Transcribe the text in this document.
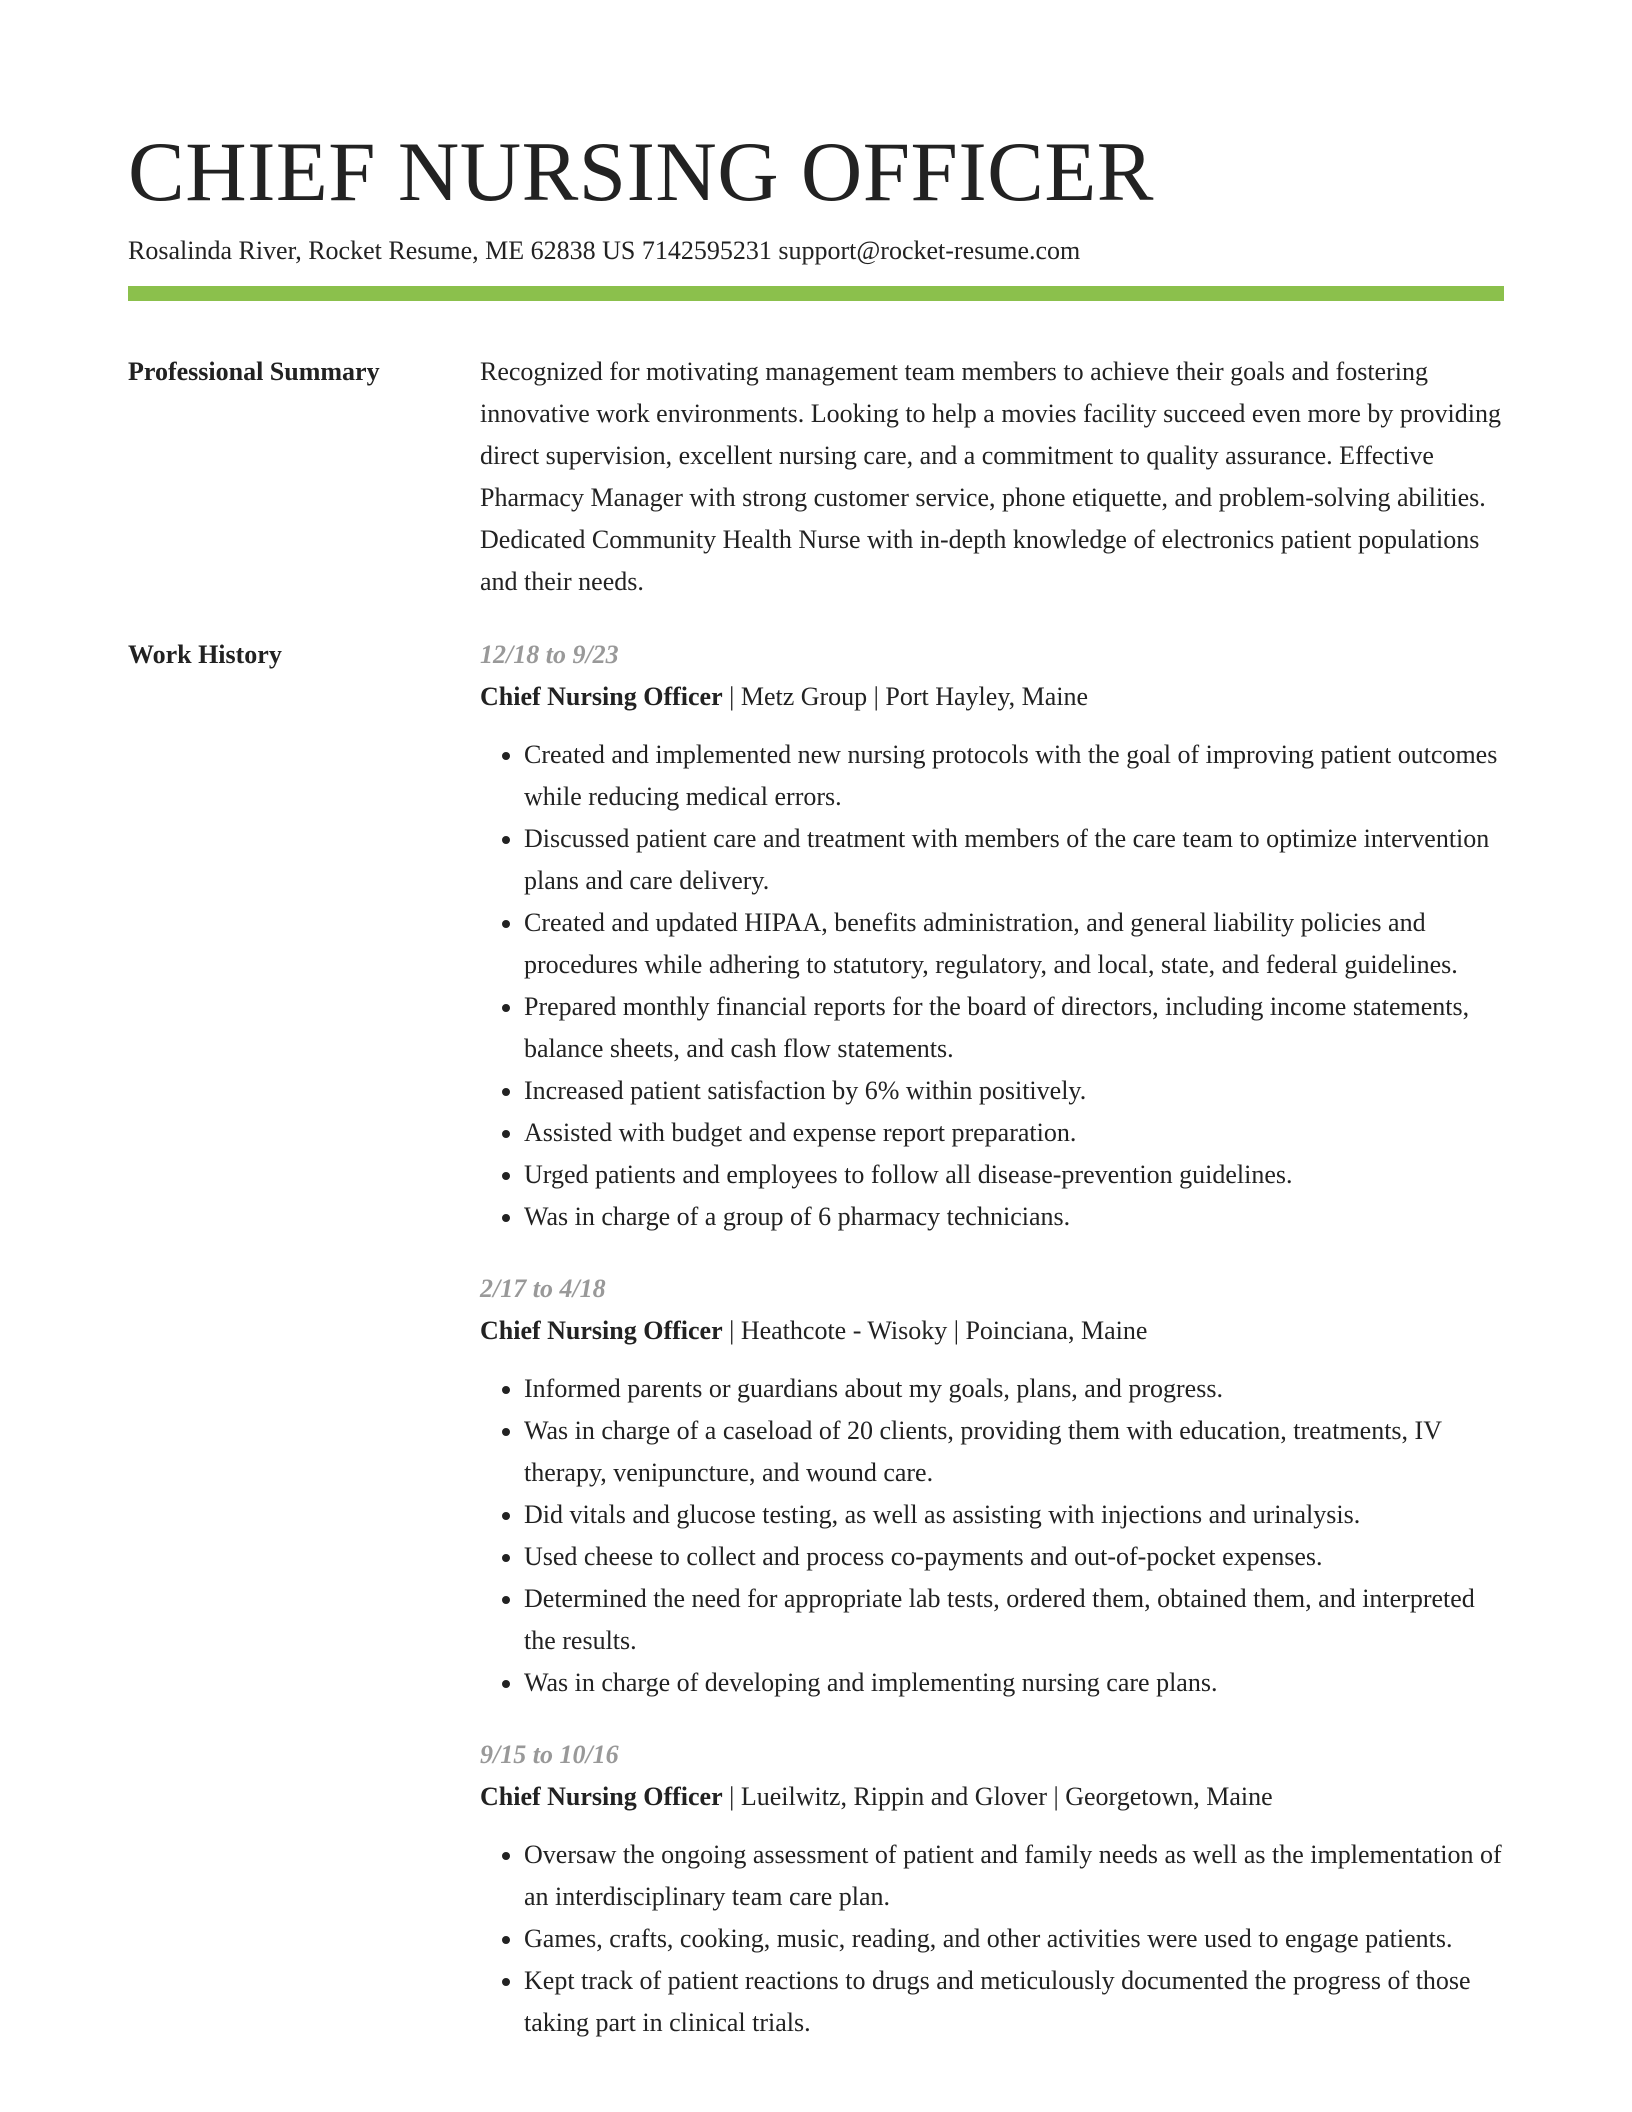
CHIEF NURSING OFFICER
Rosalinda River, Rocket Resume, ME 62838 US 7142595231 support@rocket-resume.com
Professional Summary	Recognized for motivating management team members to achieve their goals and fostering innovative work environments. Looking to help a movies facility succeed even more by providing direct supervision, excellent nursing care, and a commitment to quality assurance. Effective Pharmacy Manager with strong customer service, phone etiquette, and problem-solving abilities. Dedicated Community Health Nurse with in-depth knowledge of electronics patient populations and their needs.

Work History	12/18 to 9/23

Chief Nursing Officer | Metz Group | Port Hayley, Maine

• Created and implemented new nursing protocols with the goal of improving patient outcomes while reducing medical errors.
• Discussed patient care and treatment with members of the care team to optimize intervention plans and care delivery.
• Created and updated HIPAA, benefits administration, and general liability policies and procedures while adhering to statutory, regulatory, and local, state, and federal guidelines.
• Prepared monthly financial reports for the board of directors, including income statements, balance sheets, and cash flow statements.
• Increased patient satisfaction by 6% within positively.
• Assisted with budget and expense report preparation.
• Urged patients and employees to follow all disease-prevention guidelines.
• Was in charge of a group of 6 pharmacy technicians.

2/17 to 4/18

Chief Nursing Officer | Heathcote - Wisoky | Poinciana, Maine

• Informed parents or guardians about my goals, plans, and progress.
• Was in charge of a caseload of 20 clients, providing them with education, treatments, IV therapy, venipuncture, and wound care.
• Did vitals and glucose testing, as well as assisting with injections and urinalysis.
• Used cheese to collect and process co-payments and out-of-pocket expenses.
• Determined the need for appropriate lab tests, ordered them, obtained them, and interpreted the results.
• Was in charge of developing and implementing nursing care plans.

9/15 to 10/16

Chief Nursing Officer | Lueilwitz, Rippin and Glover | Georgetown, Maine

• Oversaw the ongoing assessment of patient and family needs as well as the implementation of an interdisciplinary team care plan.
• Games, crafts, cooking, music, reading, and other activities were used to engage patients.
• Kept track of patient reactions to drugs and meticulously documented the progress of those taking part in clinical trials.
